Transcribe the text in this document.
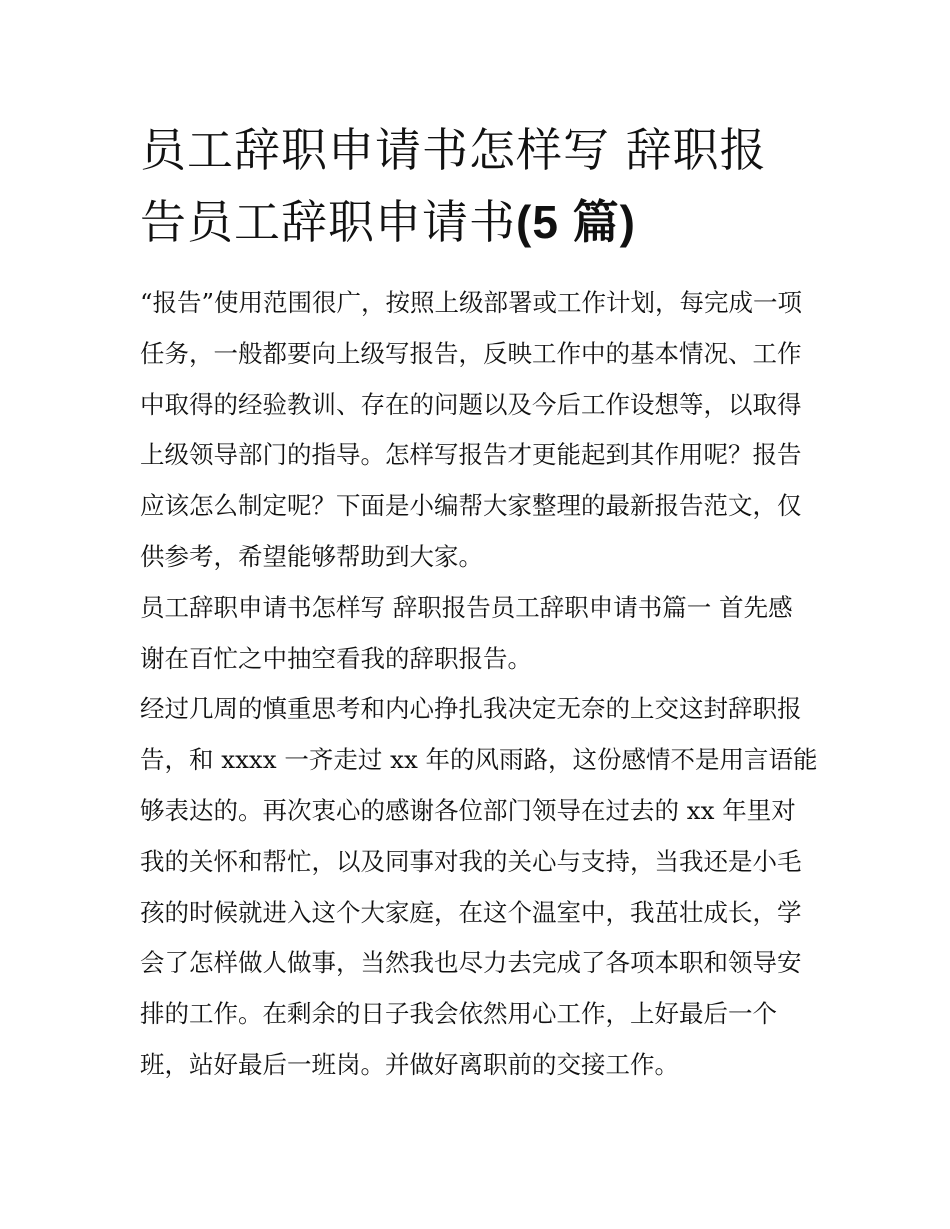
员工辞职申请书怎样写 辞职报
告员工辞职申请书(5 篇)
“报告”使用范围很广，按照上级部署或工作计划，每完成一项
任务，一般都要向上级写报告，反映工作中的基本情况、工作
中取得的经验教训、存在的问题以及今后工作设想等，以取得
上级领导部门的指导。怎样写报告才更能起到其作用呢？报告
应该怎么制定呢？下面是小编帮大家整理的最新报告范文，仅
供参考，希望能够帮助到大家。
员工辞职申请书怎样写 辞职报告员工辞职申请书篇一 首先感
谢在百忙之中抽空看我的辞职报告。
经过几周的慎重思考和内心挣扎我决定无奈的上交这封辞职报
告，和 xxxx 一齐走过 xx 年的风雨路，这份感情不是用言语能
够表达的。再次衷心的感谢各位部门领导在过去的 xx 年里对
我的关怀和帮忙，以及同事对我的关心与支持，当我还是小毛
孩的时候就进入这个大家庭，在这个温室中，我茁壮成长，学
会了怎样做人做事，当然我也尽力去完成了各项本职和领导安
排的工作。在剩余的日子我会依然用心工作，上好最后一个
班，站好最后一班岗。并做好离职前的交接工作。
